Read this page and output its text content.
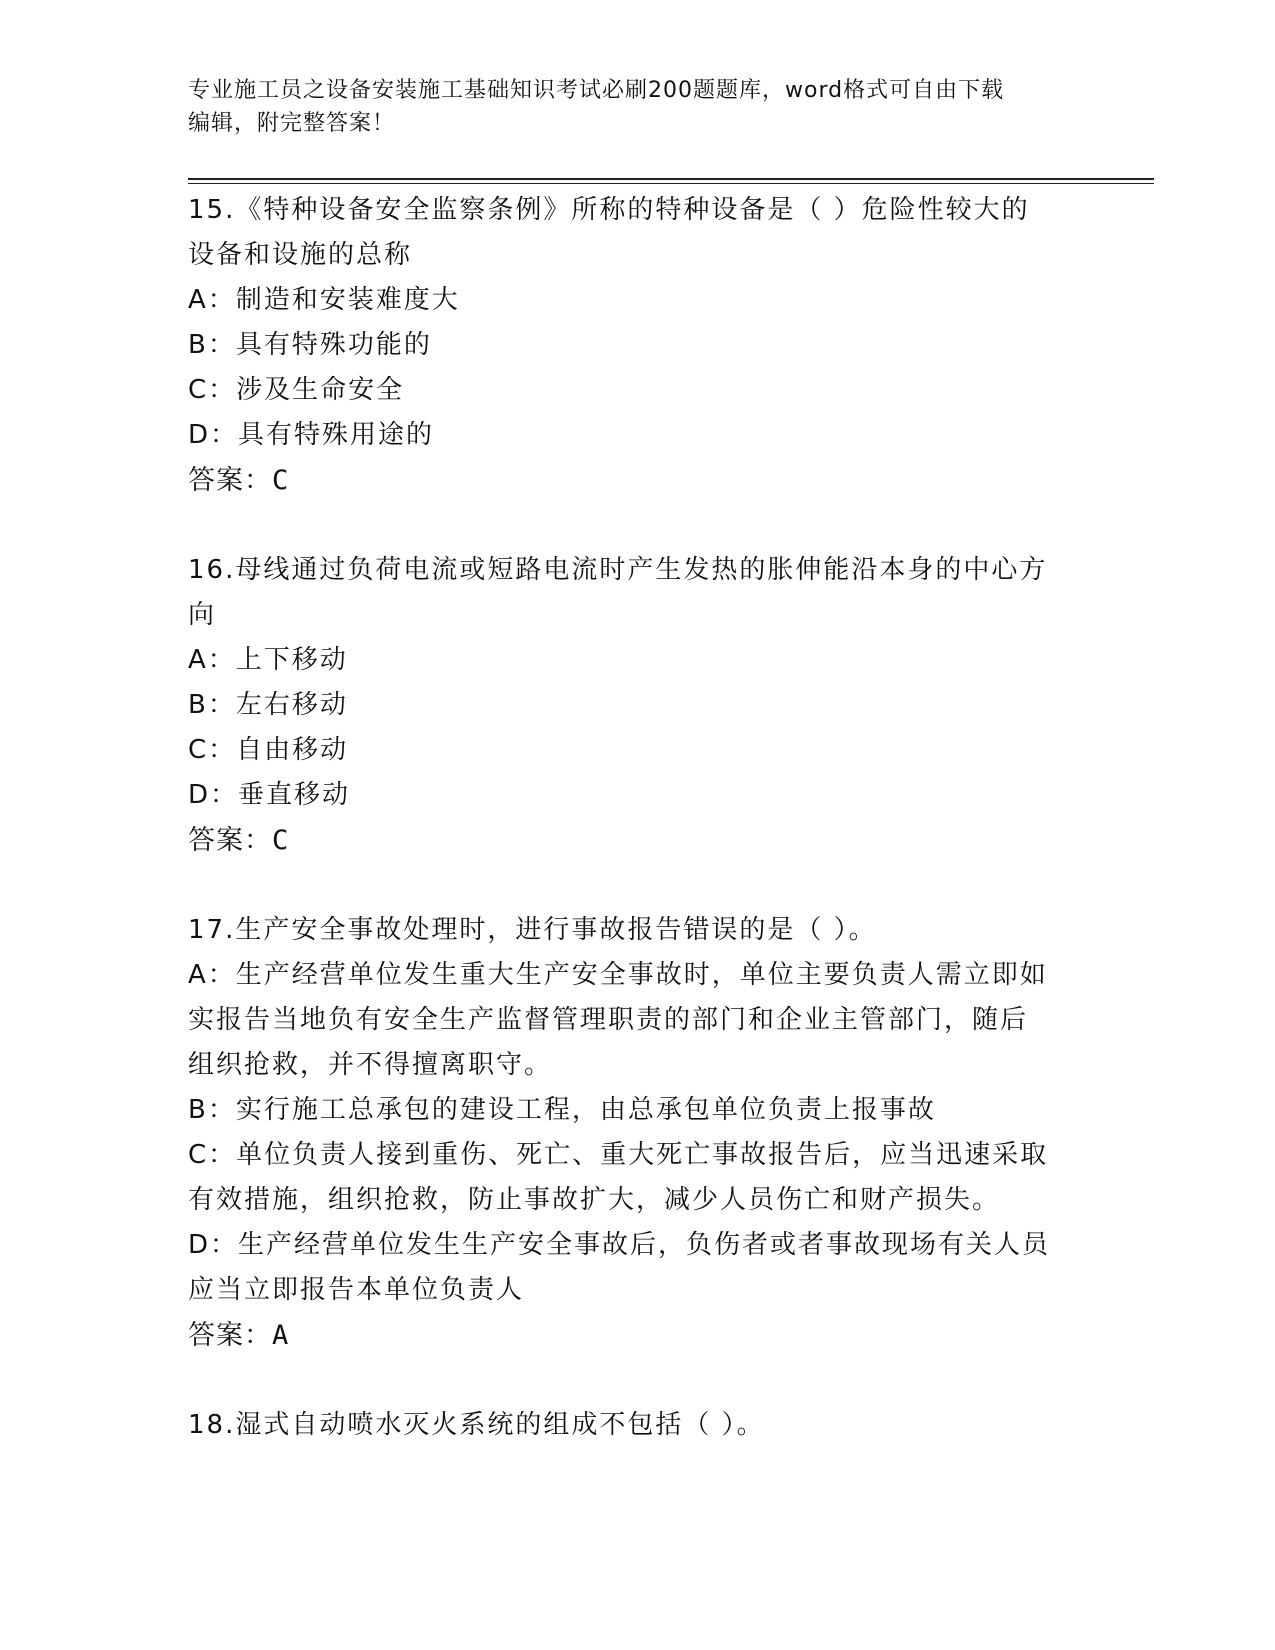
专业施工员之设备安装施工基础知识考试必刷200题题库，word格式可自由下载
编辑，附完整答案！
15.《特种设备安全监察条例》所称的特种设备是（ ）危险性较大的
设备和设施的总称
A：制造和安装难度大
B：具有特殊功能的
C：涉及生命安全
D：具有特殊用途的
答案：C
16.母线通过负荷电流或短路电流时产生发热的胀伸能沿本身的中心方
向
A：上下移动
B：左右移动
C：自由移动
D：垂直移动
答案：C
17.生产安全事故处理时，进行事故报告错误的是（ ）。
A：生产经营单位发生重大生产安全事故时，单位主要负责人需立即如
实报告当地负有安全生产监督管理职责的部门和企业主管部门，随后
组织抢救，并不得擅离职守。
B：实行施工总承包的建设工程，由总承包单位负责上报事故
C：单位负责人接到重伤、死亡、重大死亡事故报告后，应当迅速采取
有效措施，组织抢救，防止事故扩大，减少人员伤亡和财产损失。
D：生产经营单位发生生产安全事故后，负伤者或者事故现场有关人员
应当立即报告本单位负责人
答案：A
18.湿式自动喷水灭火系统的组成不包括（ ）。
